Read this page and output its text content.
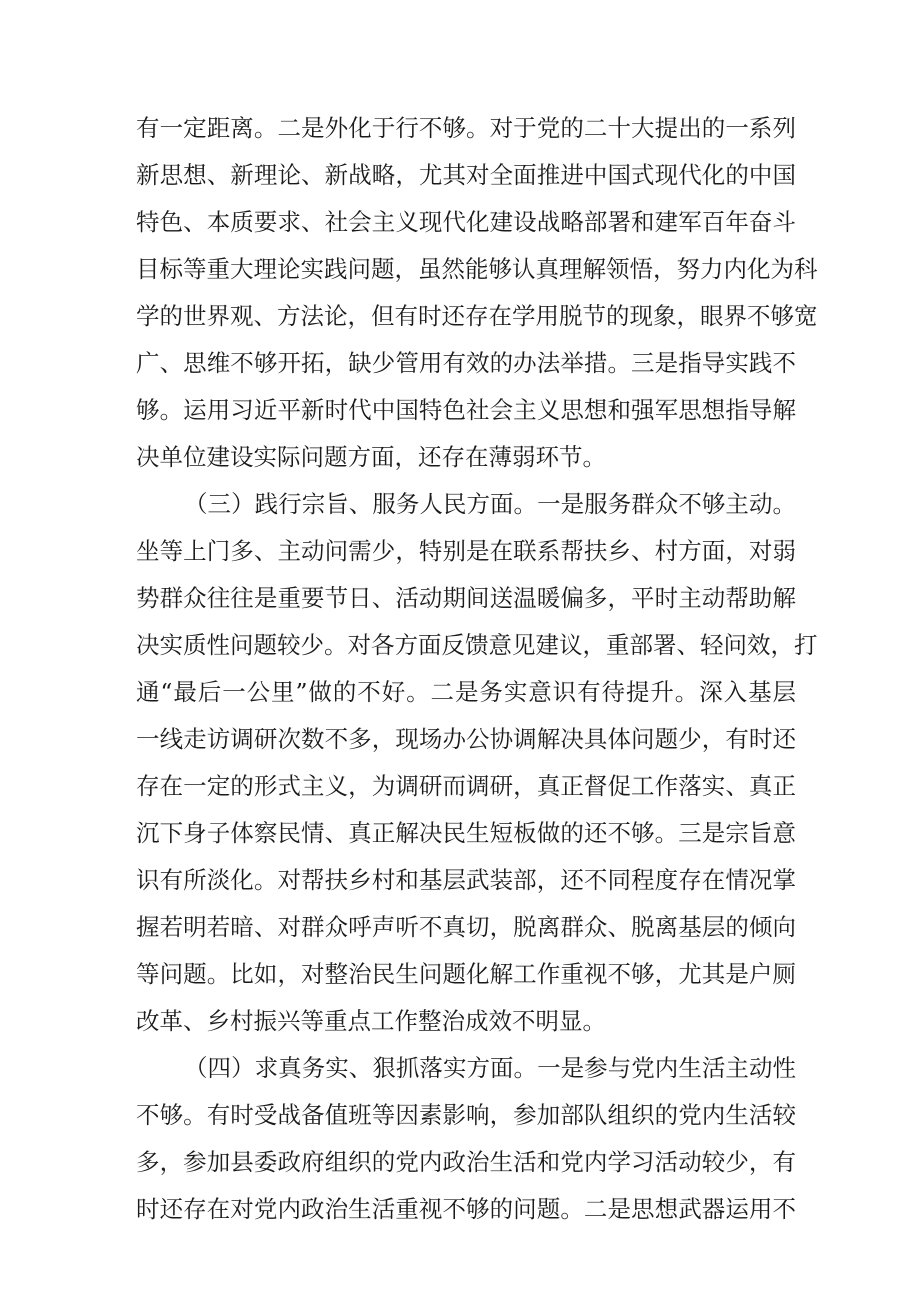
有一定距离。二是外化于行不够。对于党的二十大提出的一系列
新思想、新理论、新战略，尤其对全面推进中国式现代化的中国
特色、本质要求、社会主义现代化建设战略部署和建军百年奋斗
目标等重大理论实践问题，虽然能够认真理解领悟，努力内化为科
学的世界观、方法论，但有时还存在学用脱节的现象，眼界不够宽
广、思维不够开拓，缺少管用有效的办法举措。三是指导实践不
够。运用习近平新时代中国特色社会主义思想和强军思想指导解
决单位建设实际问题方面，还存在薄弱环节。
（三）践行宗旨、服务人民方面。一是服务群众不够主动。
坐等上门多、主动问需少，特别是在联系帮扶乡、村方面，对弱
势群众往往是重要节日、活动期间送温暖偏多，平时主动帮助解
决实质性问题较少。对各方面反馈意见建议，重部署、轻问效，打
通“最后一公里”做的不好。二是务实意识有待提升。深入基层
一线走访调研次数不多，现场办公协调解决具体问题少，有时还
存在一定的形式主义，为调研而调研，真正督促工作落实、真正
沉下身子体察民情、真正解决民生短板做的还不够。三是宗旨意
识有所淡化。对帮扶乡村和基层武装部，还不同程度存在情况掌
握若明若暗、对群众呼声听不真切，脱离群众、脱离基层的倾向
等问题。比如，对整治民生问题化解工作重视不够，尤其是户厕
改革、乡村振兴等重点工作整治成效不明显。
（四）求真务实、狠抓落实方面。一是参与党内生活主动性
不够。有时受战备值班等因素影响，参加部队组织的党内生活较
多，参加县委政府组织的党内政治生活和党内学习活动较少，有
时还存在对党内政治生活重视不够的问题。二是思想武器运用不
